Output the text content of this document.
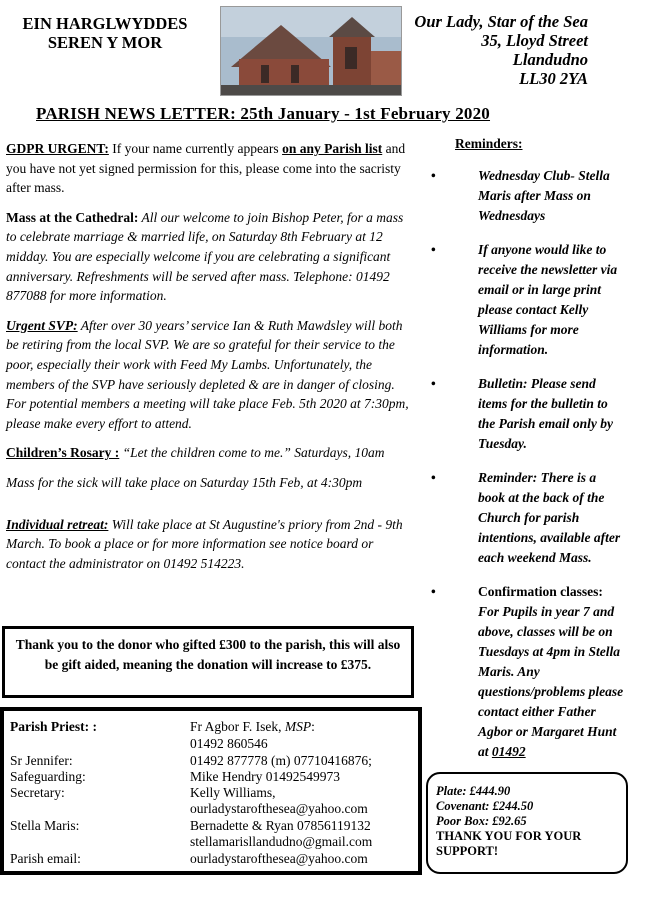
EIN HARGLWYDDES
SEREN Y MOR
Our Lady, Star of the Sea
35, Lloyd Street
Llandudno
LL30 2YA
PARISH NEWS LETTER: 25th January - 1st February 2020

GDPR URGENT: If your name currently appears on any Parish list and you have not yet signed permission for this, please come into the sacristy after mass.

Mass at the Cathedral: All our welcome to join Bishop Peter, for a mass to celebrate marriage & married life, on Saturday 8th February at 12 midday. You are especially welcome if you are celebrating a significant anniversary. Refreshments will be served after mass. Telephone: 01492 877088 for more information.

Urgent SVP: After over 30 years’ service Ian & Ruth Mawdsley will both be retiring from the local SVP. We are so grateful for their service to the poor, especially their work with Feed My Lambs. Unfortunately, the members of the SVP have seriously depleted & are in danger of closing. For potential members a meeting will take place Feb. 5th 2020 at 7:30pm, please make every effort to attend.

Children’s Rosary : “Let the children come to me.” Saturdays, 10am

Mass for the sick will take place on Saturday 15th Feb, at 4:30pm

Individual retreat: Will take place at St Augustine's priory from 2nd - 9th March. To book a place or for more information see notice board or contact the administrator on 01492 514223.

Reminders:
•	Wednesday Club- Stella Maris after Mass on Wednesdays
•	If anyone would like to receive the newsletter via email or in large print please contact Kelly Williams for more information.
•	Bulletin: Please send items for the bulletin to the Parish email only by Tuesday.
•	Reminder: There is a book at the back of the Church for parish intentions, available after each weekend Mass.
•	Confirmation classes: For Pupils in year 7 and above, classes will be on Tuesdays at 4pm in Stella Maris. Any questions/problems please contact either Father Agbor or Margaret Hunt at 01492
Thank you to the donor who gifted £300 to the parish, this will also be gift aided, meaning the donation will increase to £375.
Parish Priest: :	Fr Agbor F. Isek, MSP:
01492 860546
Sr Jennifer:	01492 877778 (m) 07710416876;
Safeguarding:	Mike Hendry 01492549973
Secretary:	Kelly Williams,
ourladystarofthesea@yahoo.com
Stella Maris:	Bernadette & Ryan 07856119132
stellamarisllandudno@gmail.com
Parish email:	ourladystarofthesea@yahoo.com
Plate: £444.90
Covenant: £244.50
Poor Box: £92.65
THANK YOU FOR YOUR SUPPORT!
